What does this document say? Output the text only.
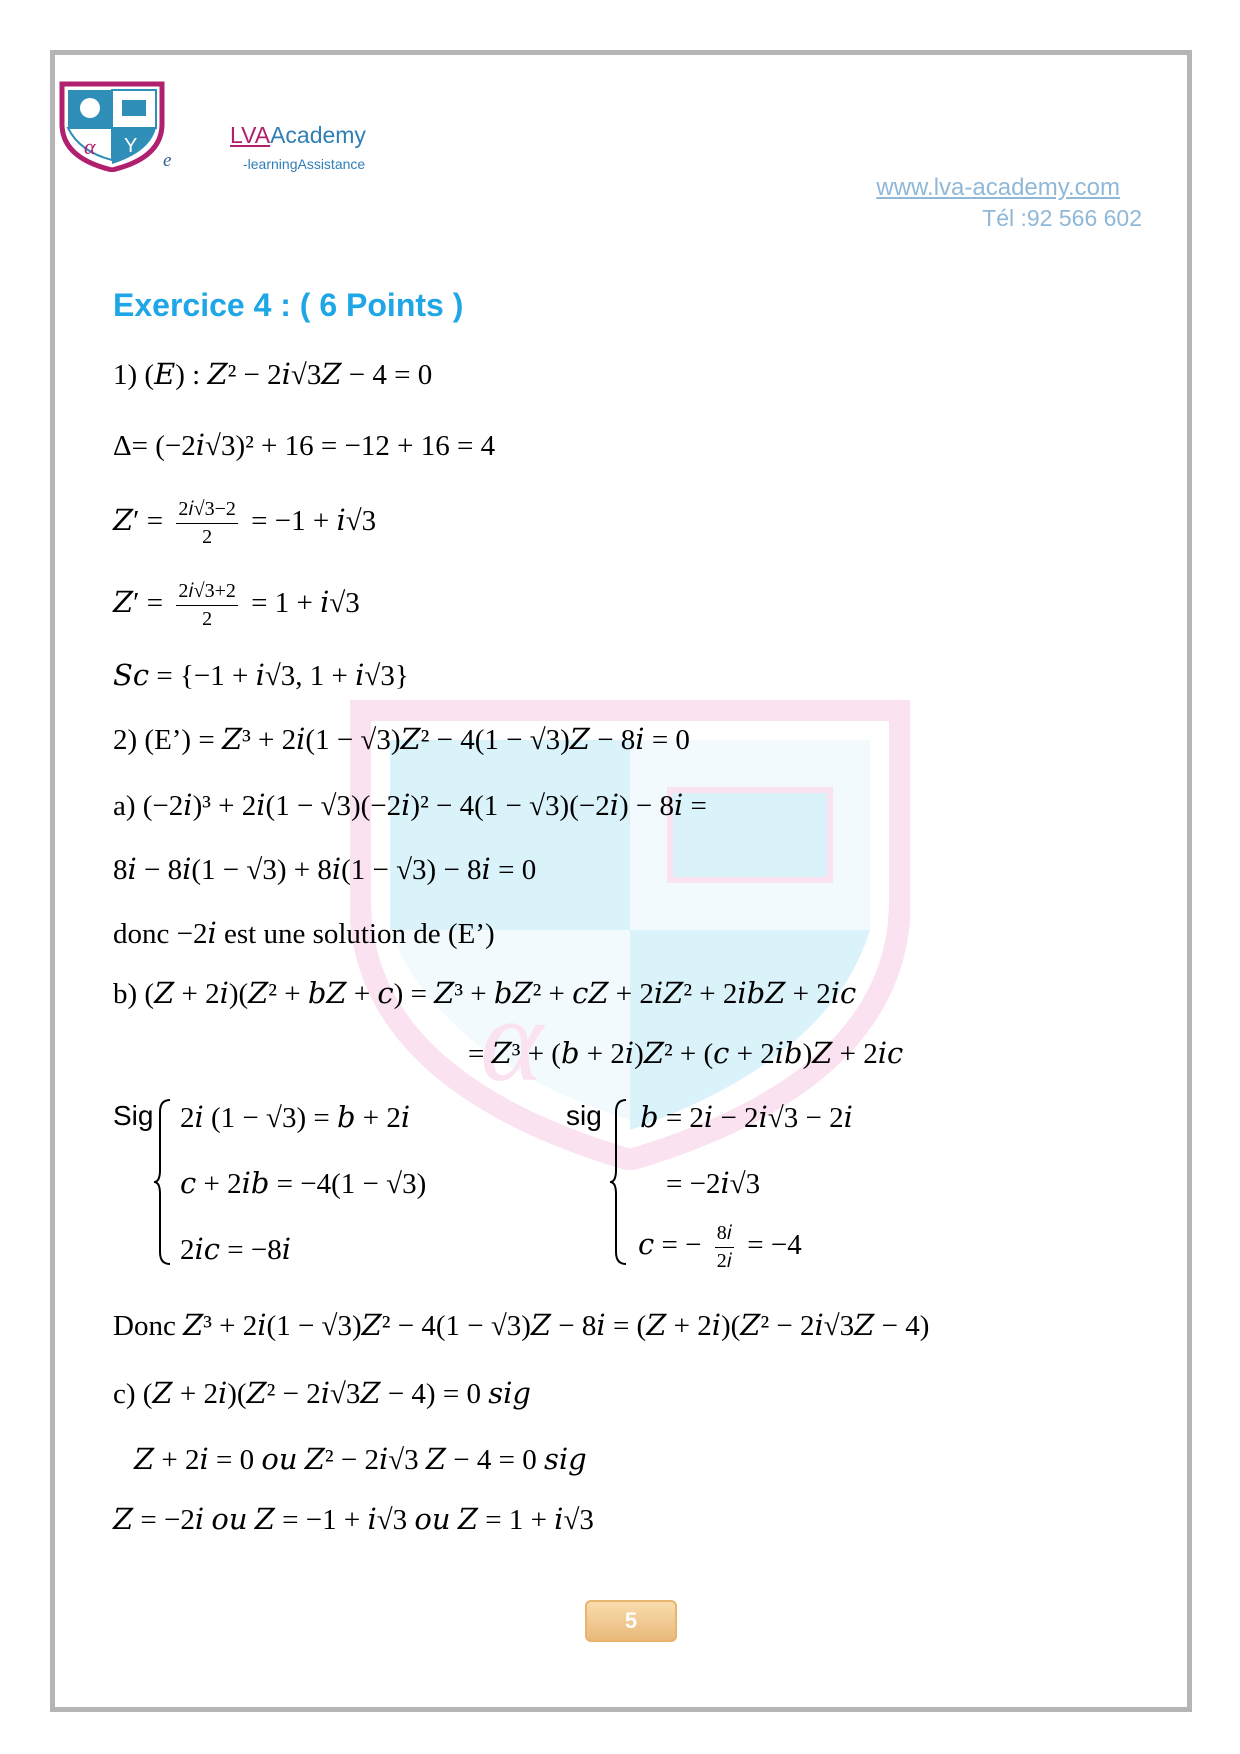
α Y
e
LVAAcademy
-learningAssistance
www.lva-academy.com
Tél :92 566 602
α
Exercice 4 : ( 6 Points )
1) (𝐸) : 𝑍² − 2𝑖√3𝑍 − 4 = 0
Δ= (−2𝑖√3)² + 16 = −12 + 16 = 4
𝑍′ = $\frac{\text{2𝑖√3−2}}{2} = -1$ + 𝑖√3
𝑍′ = $\frac{\text{2𝑖√3+2}}{2} = 1$ + 𝑖√3
𝑆𝑐 = {−1 + 𝑖√3, 1 + 𝑖√3}
2) (E’) = 𝑍³ + 2𝑖(1 − √3)𝑍² − 4(1 − √3)𝑍 − 8𝑖 = 0
a) (−2𝑖)³ + 2𝑖(1 − √3)(−2𝑖)² − 4(1 − √3)(−2𝑖) − 8𝑖 =
8𝑖 − 8𝑖(1 − √3) + 8𝑖(1 − √3) − 8𝑖 = 0
donc −2𝑖 est une solution de (E’)
b) (𝑍 + 2𝑖)(𝑍² + 𝑏𝑍 + 𝑐) = 𝑍³ + 𝑏𝑍² + 𝑐𝑍 + 2𝑖𝑍² + 2𝑖𝑏𝑍 + 2𝑖𝑐
= 𝑍³ + (𝑏 + 2𝑖)𝑍² + (𝑐 + 2𝑖𝑏)𝑍 + 2𝑖𝑐
Sig 2𝑖 (1 − √3) = 𝑏 + 2𝑖
𝑐 + 2𝑖𝑏 = −4(1 − √3)
2𝑖𝑐 = −8𝑖
sig 𝑏 = 2𝑖 − 2𝑖√3 − 2𝑖
= −2𝑖√3
𝑐 = − $\frac{\text{8𝑖}}{\text{2𝑖}} = -4$
Donc 𝑍³ + 2𝑖(1 − √3)𝑍² − 4(1 − √3)𝑍 − 8𝑖 = (𝑍 + 2𝑖)(𝑍² − 2𝑖√3𝑍 − 4)
c) (𝑍 + 2𝑖)(𝑍² − 2𝑖√3𝑍 − 4) = 0 𝑠𝑖𝑔
𝑍 + 2𝑖 = 0 𝑜𝑢 𝑍² − 2𝑖√3 𝑍 − 4 = 0 𝑠𝑖𝑔
𝑍 = −2𝑖 𝑜𝑢 𝑍 = −1 + 𝑖√3 𝑜𝑢 𝑍 = 1 + 𝑖√3
5
